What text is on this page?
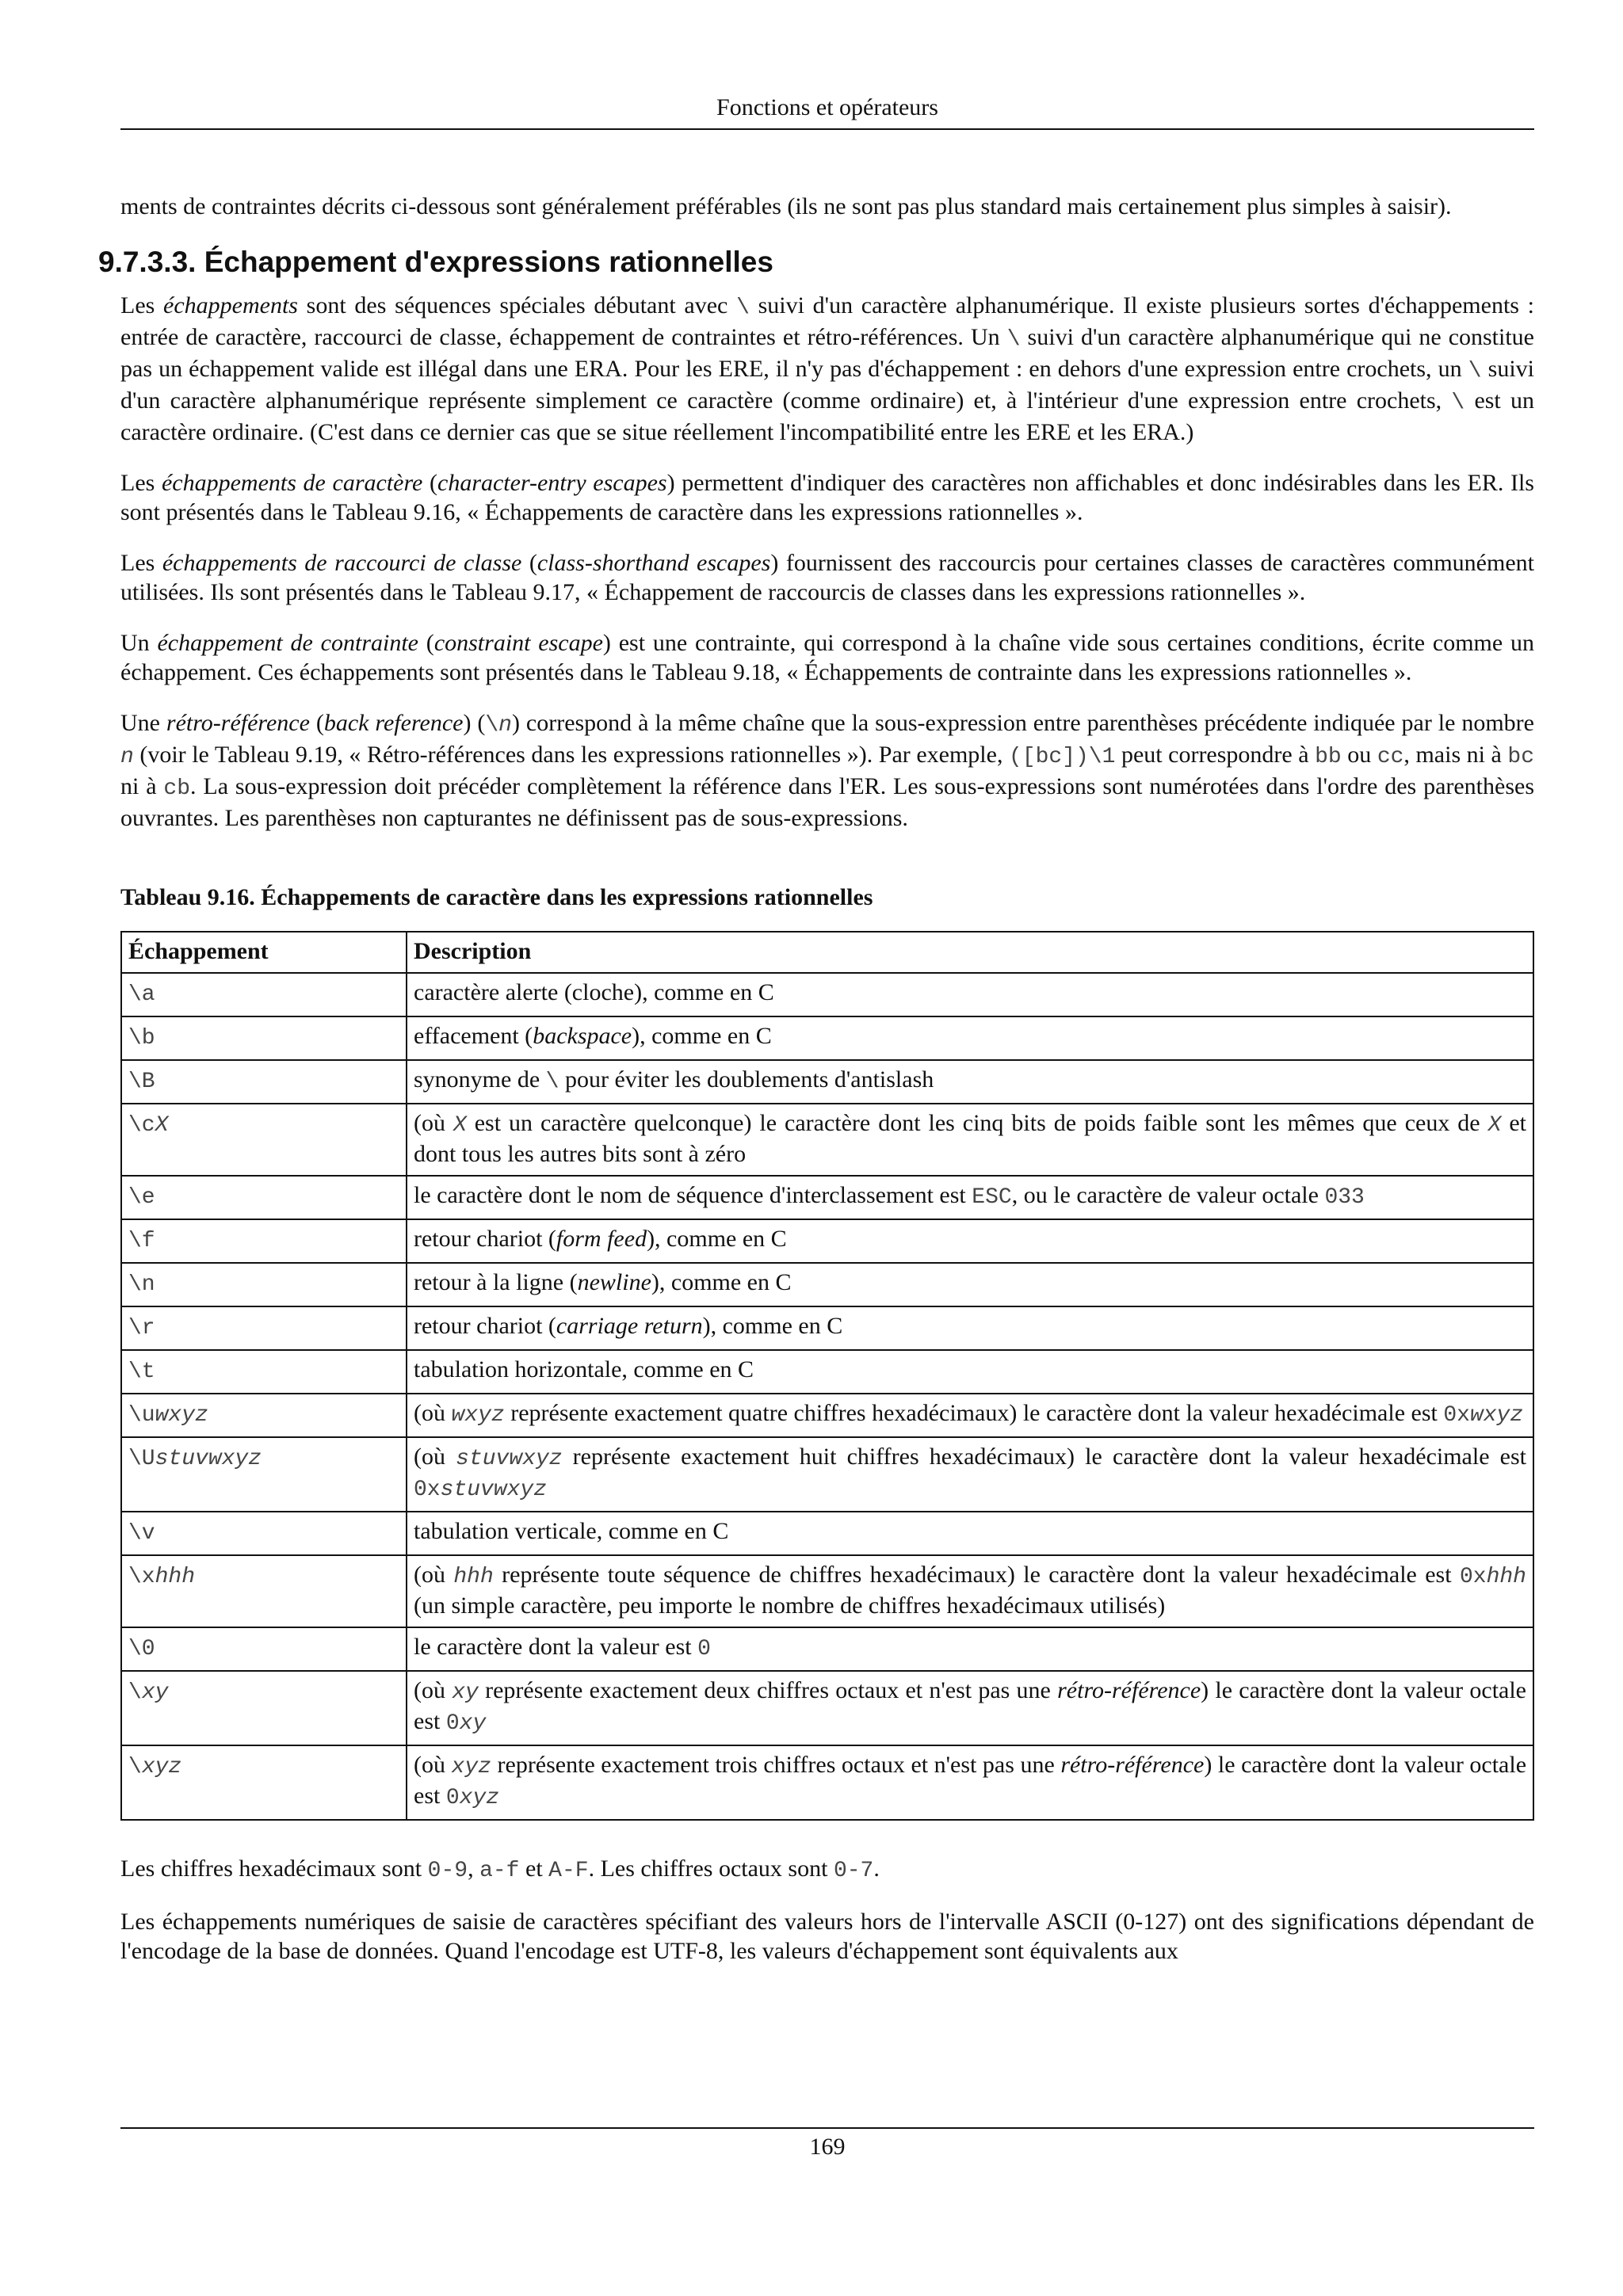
Fonctions et opérateurs

ments de contraintes décrits ci-dessous sont généralement préférables (ils ne sont pas plus standard mais certainement plus simples à saisir).

9.7.3.3. Échappement d'expressions rationnelles

Les échappements sont des séquences spéciales débutant avec \ suivi d'un caractère alphanumérique. Il existe plusieurs sortes d'échappements : entrée de caractère, raccourci de classe, échappement de contraintes et rétro-références. Un \ suivi d'un caractère alphanumérique qui ne constitue pas un échappement valide est illégal dans une ERA. Pour les ERE, il n'y pas d'échappement : en dehors d'une expression entre crochets, un \ suivi d'un caractère alphanumérique représente simplement ce caractère (comme ordinaire) et, à l'intérieur d'une expression entre crochets, \ est un caractère ordinaire. (C'est dans ce dernier cas que se situe réellement l'incompatibilité entre les ERE et les ERA.)

Les échappements de caractère (character-entry escapes) permettent d'indiquer des caractères non affichables et donc indésirables dans les ER. Ils sont présentés dans le Tableau 9.16, « Échappements de caractère dans les expressions rationnelles ».

Les échappements de raccourci de classe (class-shorthand escapes) fournissent des raccourcis pour certaines classes de caractères communément utilisées. Ils sont présentés dans le Tableau 9.17, « Échappement de raccourcis de classes dans les expressions rationnelles ».

Un échappement de contrainte (constraint escape) est une contrainte, qui correspond à la chaîne vide sous certaines conditions, écrite comme un échappement. Ces échappements sont présentés dans le Tableau 9.18, « Échappements de contrainte dans les expressions rationnelles ».

Une rétro-référence (back reference) (\n) correspond à la même chaîne que la sous-expression entre parenthèses précédente indiquée par le nombre n (voir le Tableau 9.19, « Rétro-références dans les expressions rationnelles »). Par exemple, ([bc])\1 peut correspondre à bb ou cc, mais ni à bc ni à cb. La sous-expression doit précéder complètement la référence dans l'ER. Les sous-expressions sont numérotées dans l'ordre des parenthèses ouvrantes. Les parenthèses non capturantes ne définissent pas de sous-expressions.

Tableau 9.16. Échappements de caractère dans les expressions rationnelles
Échappement	Description
\a	caractère alerte (cloche), comme en C
\b	effacement (backspace), comme en C
\B	synonyme de \ pour éviter les doublements d'antislash
\cX	(où X est un caractère quelconque) le caractère dont les cinq bits de poids faible sont les mêmes que ceux de X et dont tous les autres bits sont à zéro
\e	le caractère dont le nom de séquence d'interclassement est ESC, ou le caractère de valeur octale 033
\f	retour chariot (form feed), comme en C
\n	retour à la ligne (newline), comme en C
\r	retour chariot (carriage return), comme en C
\t	tabulation horizontale, comme en C
\uwxyz	(où wxyz représente exactement quatre chiffres hexadécimaux) le caractère dont la valeur hexadécimale est 0xwxyz
\Ustuvwxyz	(où stuvwxyz représente exactement huit chiffres hexadécimaux) le caractère dont la valeur hexadécimale est 0xstuvwxyz
\v	tabulation verticale, comme en C
\xhhh	(où hhh représente toute séquence de chiffres hexadécimaux) le caractère dont la valeur hexadécimale est 0xhhh (un simple caractère, peu importe le nombre de chiffres hexadécimaux utilisés)
\0	le caractère dont la valeur est 0
\xy	(où xy représente exactement deux chiffres octaux et n'est pas une rétro-référence) le caractère dont la valeur octale est 0xy
\xyz	(où xyz représente exactement trois chiffres octaux et n'est pas une rétro-référence) le caractère dont la valeur octale est 0xyz

Les chiffres hexadécimaux sont 0-9, a-f et A-F. Les chiffres octaux sont 0-7.

Les échappements numériques de saisie de caractères spécifiant des valeurs hors de l'intervalle ASCII (0-127) ont des significations dépendant de l'encodage de la base de données. Quand l'encodage est UTF-8, les valeurs d'échappement sont équivalents aux

169
